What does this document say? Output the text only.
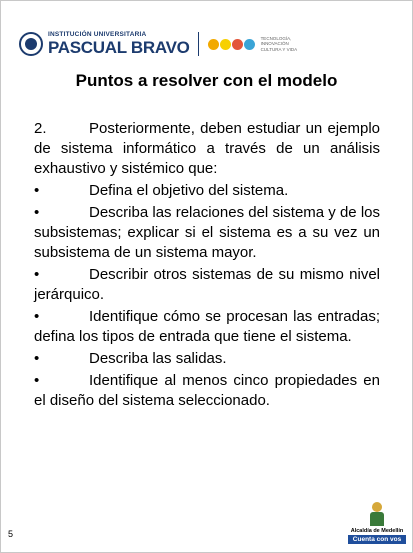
INSTITUCIÓN UNIVERSITARIA
PASCUAL BRAVO	TECNOLOGÍA, INNOVACIÓN CULTURA Y VIDA
Puntos a resolver con el modelo

2.	Posteriormente, deben estudiar un ejemplo de sistema informático a través de un análisis exhaustivo y sistémico que:

•	Defina el objetivo del sistema.

•	Describa las relaciones del sistema y de los subsistemas; explicar si el sistema es a su vez un subsistema de un sistema mayor.

•	Describir otros sistemas de su mismo nivel jerárquico.

•	Identifique cómo se procesan las entradas; defina los tipos de entrada que tiene el sistema.

•	Describa las salidas.

•	Identifique al menos cinco propiedades en el diseño del sistema seleccionado.

5	Alcaldía de Medellín
Cuenta con vos
